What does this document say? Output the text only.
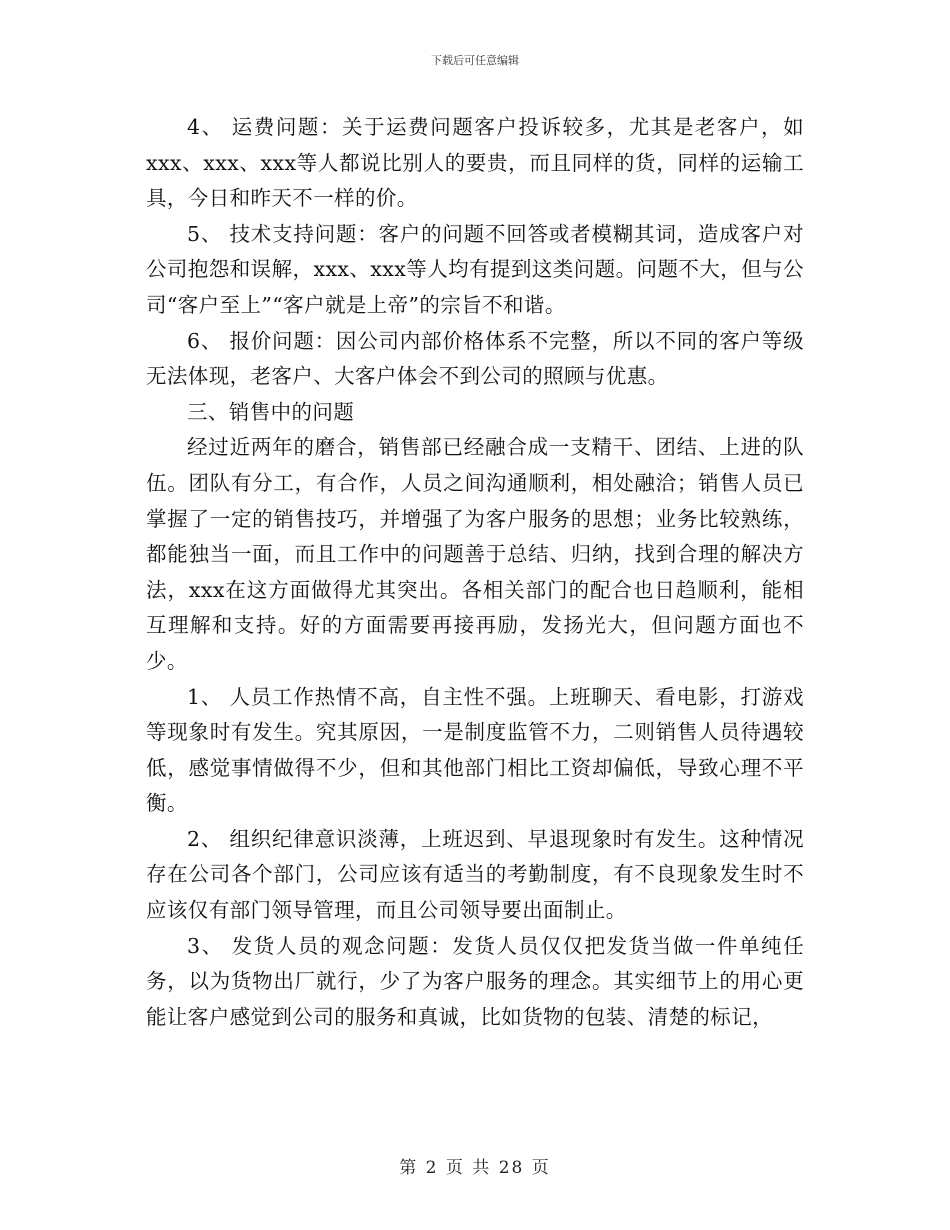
下载后可任意编辑

4、 运费问题：关于运费问题客户投诉较多，尤其是老客户，如xxx、xxx、xxx等人都说比别人的要贵，而且同样的货，同样的运输工具，今日和昨天不一样的价。

5、 技术支持问题：客户的问题不回答或者模糊其词，造成客户对公司抱怨和误解，xxx、xxx等人均有提到这类问题。问题不大，但与公司“客户至上”“客户就是上帝”的宗旨不和谐。

6、 报价问题：因公司内部价格体系不完整，所以不同的客户等级无法体现，老客户、大客户体会不到公司的照顾与优惠。

三、销售中的问题

经过近两年的磨合，销售部已经融合成一支精干、团结、上进的队伍。团队有分工，有合作，人员之间沟通顺利，相处融洽；销售人员已掌握了一定的销售技巧，并增强了为客户服务的思想；业务比较熟练，都能独当一面，而且工作中的问题善于总结、归纳，找到合理的解决方法，xxx在这方面做得尤其突出。各相关部门的配合也日趋顺利，能相互理解和支持。好的方面需要再接再励，发扬光大，但问题方面也不少。

1、 人员工作热情不高，自主性不强。上班聊天、看电影，打游戏等现象时有发生。究其原因，一是制度监管不力，二则销售人员待遇较低，感觉事情做得不少，但和其他部门相比工资却偏低，导致心理不平衡。

2、 组织纪律意识淡薄，上班迟到、早退现象时有发生。这种情况存在公司各个部门，公司应该有适当的考勤制度，有不良现象发生时不应该仅有部门领导管理，而且公司领导要出面制止。

3、 发货人员的观念问题：发货人员仅仅把发货当做一件单纯任务，以为货物出厂就行，少了为客户服务的理念。其实细节上的用心更能让客户感觉到公司的服务和真诚，比如货物的包装、清楚的标记，

第 2 页 共 28 页
